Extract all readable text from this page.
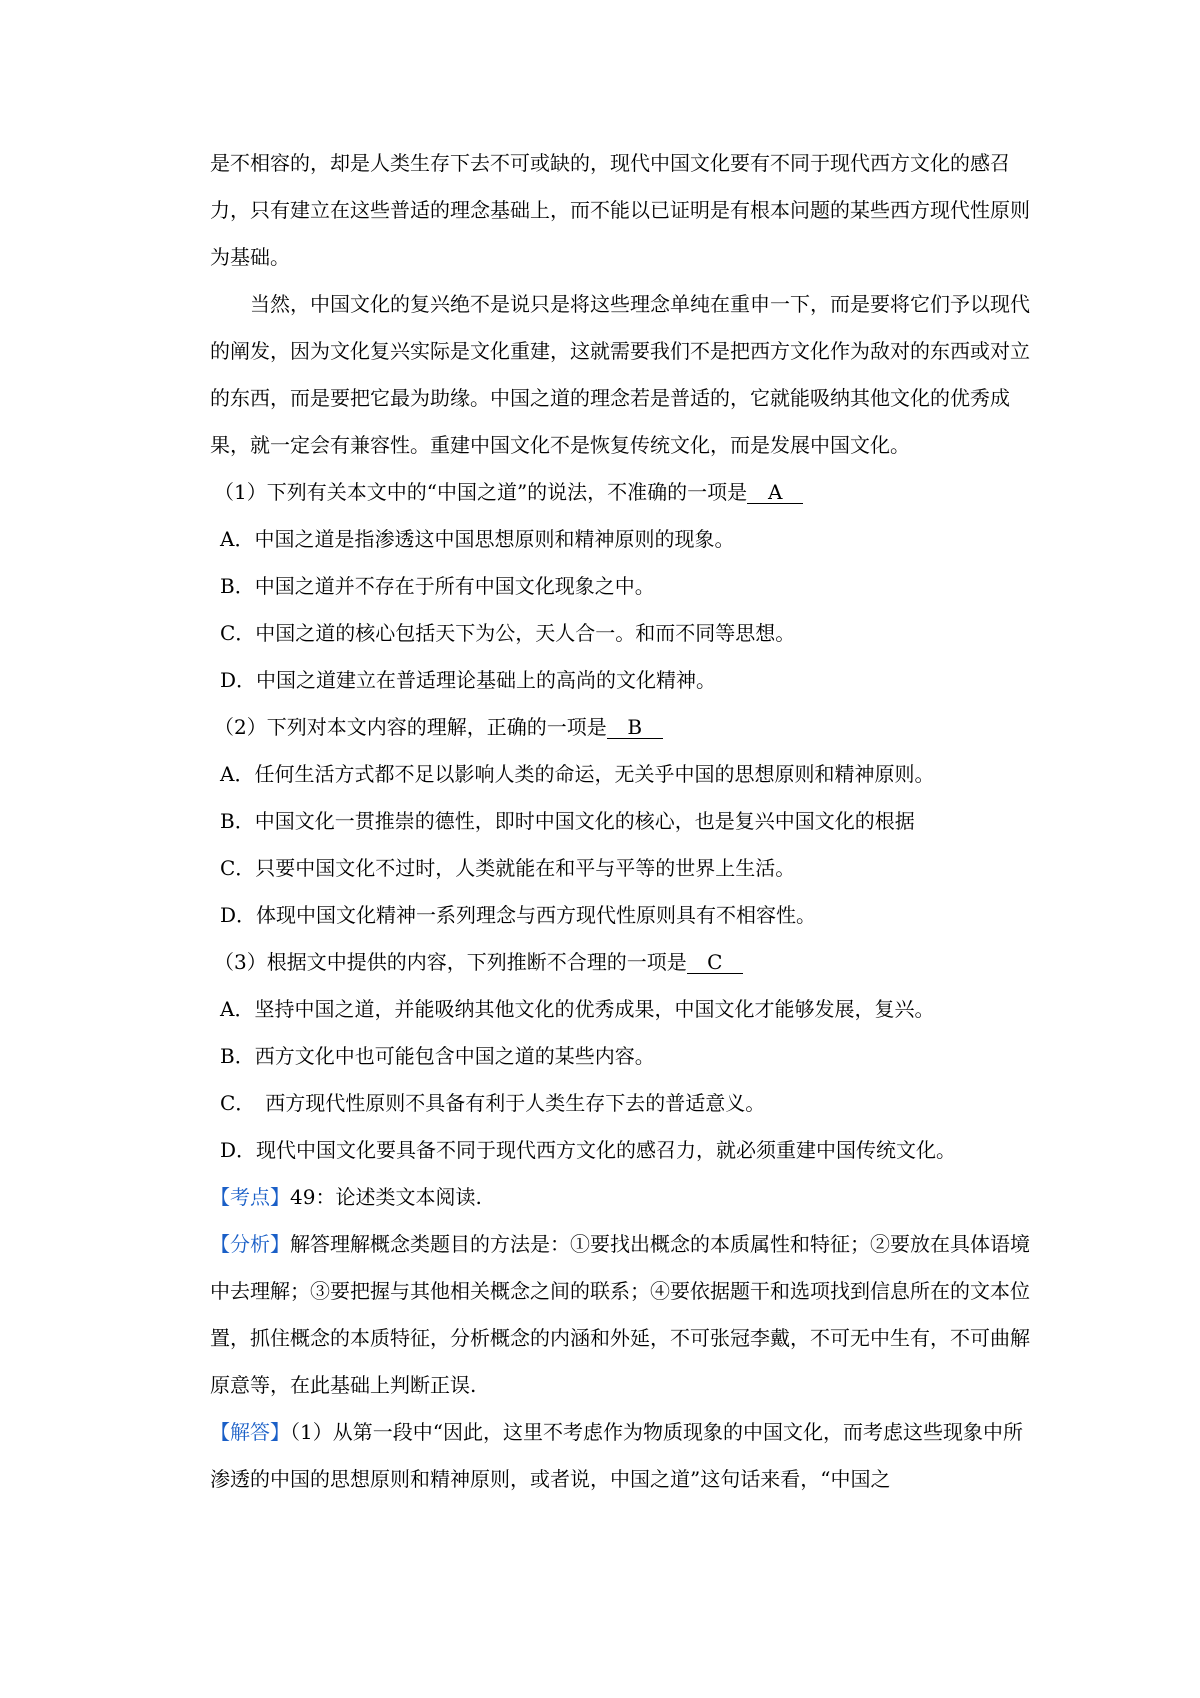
是不相容的，却是人类生存下去不可或缺的，现代中国文化要有不同于现代西方文化的感召力，只有建立在这些普适的理念基础上，而不能以已证明是有根本问题的某些西方现代性原则为基础。

当然，中国文化的复兴绝不是说只是将这些理念单纯在重申一下，而是要将它们予以现代的阐发，因为文化复兴实际是文化重建，这就需要我们不是把西方文化作为敌对的东西或对立的东西，而是要把它最为助缘。中国之道的理念若是普适的，它就能吸纳其他文化的优秀成果，就一定会有兼容性。重建中国文化不是恢复传统文化，而是发展中国文化。

（1）下列有关本文中的“中国之道”的说法，不准确的一项是 A

A．中国之道是指渗透这中国思想原则和精神原则的现象。

B．中国之道并不存在于所有中国文化现象之中。

C．中国之道的核心包括天下为公，天人合一。和而不同等思想。

D．中国之道建立在普适理论基础上的高尚的文化精神。

（2）下列对本文内容的理解，正确的一项是 B

A．任何生活方式都不足以影响人类的命运，无关乎中国的思想原则和精神原则。

B．中国文化一贯推崇的德性，即时中国文化的核心，也是复兴中国文化的根据

C．只要中国文化不过时，人类就能在和平与平等的世界上生活。

D．体现中国文化精神一系列理念与西方现代性原则具有不相容性。

（3）根据文中提供的内容，下列推断不合理的一项是 C

A．坚持中国之道，并能吸纳其他文化的优秀成果，中国文化才能够发展，复兴。

B．西方文化中也可能包含中国之道的某些内容。

C．　西方现代性原则不具备有利于人类生存下去的普适意义。

D．现代中国文化要具备不同于现代西方文化的感召力，就必须重建中国传统文化。

【考点】49：论述类文本阅读.

【分析】解答理解概念类题目的方法是：①要找出概念的本质属性和特征；②要放在具体语境中去理解；③要把握与其他相关概念之间的联系；④要依据题干和选项找到信息所在的文本位置，抓住概念的本质特征，分析概念的内涵和外延，不可张冠李戴，不可无中生有，不可曲解原意等，在此基础上判断正误.

【解答】（1）从第一段中“因此，这里不考虑作为物质现象的中国文化，而考虑这些现象中所渗透的中国的思想原则和精神原则，或者说，中国之道”这句话来看，“中国之
